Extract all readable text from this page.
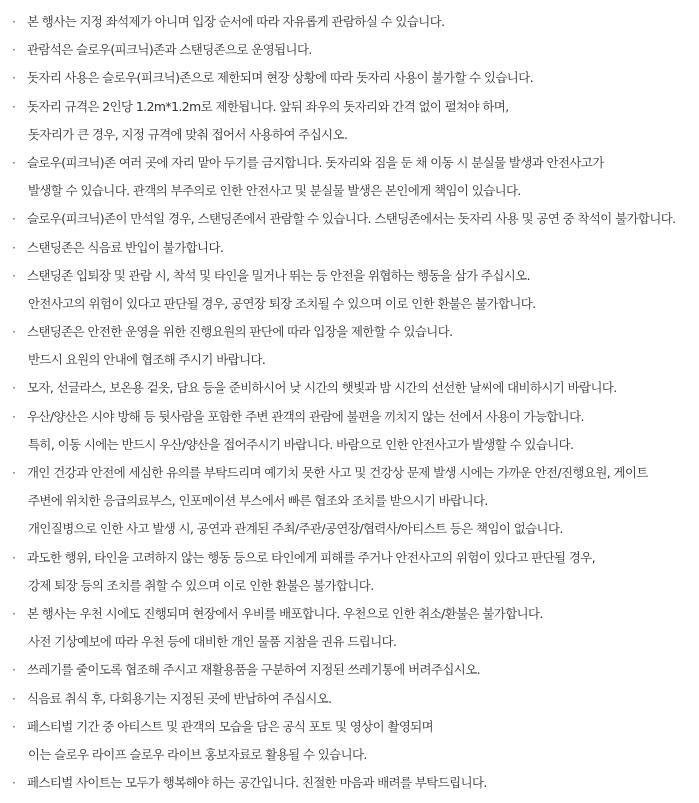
· 본 행사는 지정 좌석제가 아니며 입장 순서에 따라 자유롭게 관람하실 수 있습니다.
· 관람석은 슬로우(피크닉)존과 스탠딩존으로 운영됩니다.
· 돗자리 사용은 슬로우(피크닉)존으로 제한되며 현장 상황에 따라 돗자리 사용이 불가할 수 있습니다.
· 돗자리 규격은 2인당 1.2m*1.2m로 제한됩니다. 앞뒤 좌우의 돗자리와 간격 없이 펼쳐야 하며,
돗자리가 큰 경우, 지정 규격에 맞춰 접어서 사용하여 주십시오.
· 슬로우(피크닉)존 여러 곳에 자리 맡아 두기를 금지합니다. 돗자리와 짐을 둔 채 이동 시 분실물 발생과 안전사고가
발생할 수 있습니다. 관객의 부주의로 인한 안전사고 및 분실물 발생은 본인에게 책임이 있습니다.
· 슬로우(피크닉)존이 만석일 경우, 스탠딩존에서 관람할 수 있습니다. 스탠딩존에서는 돗자리 사용 및 공연 중 착석이 불가합니다.
· 스탠딩존은 식음료 반입이 불가합니다.
· 스탠딩존 입퇴장 및 관람 시, 착석 및 타인을 밀거나 뛰는 등 안전을 위협하는 행동을 삼가 주십시오.
안전사고의 위험이 있다고 판단될 경우, 공연장 퇴장 조치될 수 있으며 이로 인한 환불은 불가합니다.
· 스탠딩존은 안전한 운영을 위한 진행요원의 판단에 따라 입장을 제한할 수 있습니다.
반드시 요원의 안내에 협조해 주시기 바랍니다.
· 모자, 선글라스, 보온용 겉옷, 담요 등을 준비하시어 낮 시간의 햇빛과 밤 시간의 선선한 날씨에 대비하시기 바랍니다.
· 우산/양산은 시야 방해 등 뒷사람을 포함한 주변 관객의 관람에 불편을 끼치지 않는 선에서 사용이 가능합니다.
특히, 이동 시에는 반드시 우산/양산을 접어주시기 바랍니다. 바람으로 인한 안전사고가 발생할 수 있습니다.
· 개인 건강과 안전에 세심한 유의를 부탁드리며 예기치 못한 사고 및 건강상 문제 발생 시에는 가까운 안전/진행요원, 게이트
주변에 위치한 응급의료부스, 인포메이션 부스에서 빠른 협조와 조치를 받으시기 바랍니다.
개인질병으로 인한 사고 발생 시, 공연과 관계된 주최/주관/공연장/협력사/아티스트 등은 책임이 없습니다.
· 과도한 행위, 타인을 고려하지 않는 행동 등으로 타인에게 피해를 주거나 안전사고의 위험이 있다고 판단될 경우,
강제 퇴장 등의 조치를 취할 수 있으며 이로 인한 환불은 불가합니다.
· 본 행사는 우천 시에도 진행되며 현장에서 우비를 배포합니다. 우천으로 인한 취소/환불은 불가합니다.
사전 기상예보에 따라 우천 등에 대비한 개인 물품 지참을 권유 드립니다.
· 쓰레기를 줄이도록 협조해 주시고 재활용품을 구분하여 지정된 쓰레기통에 버려주십시오.
· 식음료 취식 후, 다회용기는 지정된 곳에 반납하여 주십시오.
· 페스티벌 기간 중 아티스트 및 관객의 모습을 담은 공식 포토 및 영상이 촬영되며
이는 슬로우 라이프 슬로우 라이브 홍보자료로 활용될 수 있습니다.
· 페스티벌 사이트는 모두가 행복해야 하는 공간입니다. 친절한 마음과 배려를 부탁드립니다.
